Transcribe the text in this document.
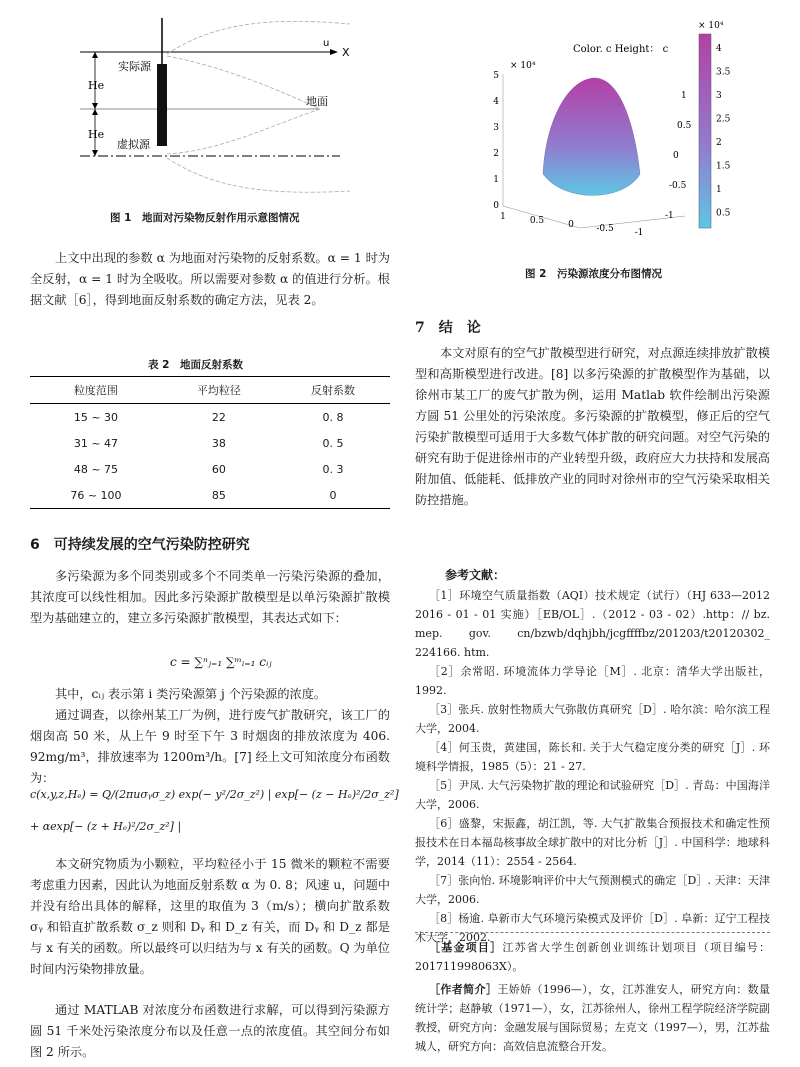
u
X
He
He
实际源
虚拟源
地面
图 1　地面对污染物反射作用示意图情况

上文中出现的参数 α 为地面对污染物的反射系数。α = 1 时为全反射，α = 1 时为全吸收。所以需要对参数 α 的值进行分析。根据文献［6］，得到地面反射系数的确定方法，见表 2。

表 2　地面反射系数
粒度范围	平均粒径	反射系数
15 ~ 30	22	0. 8
31 ~ 47	38	0. 5
48 ~ 75	60	0. 3
76 ~ 100	85	0
6　可持续发展的空气污染防控研究

多污染源为多个同类别或多个不同类单一污染污染源的叠加，其浓度可以线性相加。因此多污染源扩散模型是以单污染源扩散模型为基础建立的，建立多污染源扩散模型，其表达式如下：

c = ∑ⁿⱼ₌₁ ∑ᵐᵢ₌₁ cᵢⱼ

其中，cᵢⱼ 表示第 i 类污染源第 j 个污染源的浓度。

通过调查，以徐州某工厂为例，进行废气扩散研究，该工厂的烟囱高 50 米，从上午 9 时至下午 3 时烟囱的排放浓度为 406. 92mg/m³，排放速率为 1200m³/h。[7] 经上文可知浓度分布函数为：

c(x,y,z,Hₑ) = Q/(2πuσᵧσ_z) exp(− y²/2σ_z²) | exp[− (z − Hₑ)²/2σ_z²]
+ αexp[− (z + Hₑ)²/2σ_z²] |

本文研究物质为小颗粒，平均粒径小于 15 微米的颗粒不需要考虑重力因素，因此认为地面反射系数 α 为 0. 8；风速 u，问题中并没有给出具体的解释，这里的取值为 3（m/s）；横向扩散系数 σᵧ 和铅直扩散系数 σ_z 则和 Dᵧ 和 D_z 有关，而 Dᵧ 和 D_z 都是与 x 有关的函数。所以最终可以归结为与 x 有关的函数。Q 为单位时间内污染物排放量。

通过 MATLAB 对浓度分布函数进行求解，可以得到污染源方圆 51 千米处污染浓度分布以及任意一点的浓度值。其空间分布如图 2 所示。

Color. c Height： c
× 10⁴
× 10⁴
4
3.5
3
2.5
2
1.5
1
0.5
5
4
3
2
1
0
1	0.5	0 -0.5 -1
1
0.5
0
-0.5
-1
图 2　污染源浓度分布图情况
7　结　论

本文对原有的空气扩散模型进行研究，对点源连续排放扩散模型和高斯模型进行改进。[8] 以多污染源的扩散模型作为基础，以徐州市某工厂的废气扩散为例，运用 Matlab 软件绘制出污染源方圆 51 公里处的污染浓度。多污染源的扩散模型，修正后的空气污染扩散模型可适用于大多数气体扩散的研究问题。对空气污染的研究有助于促进徐州市的产业转型升级，政府应大力扶持和发展高附加值、低能耗、低排放产业的同时对徐州市的空气污染采取相关防控措施。

参考文献：

［1］环境空气质量指数（AQI）技术规定（试行）（HJ 633—2012 2016 - 01 - 01 实施）［EB/OL］.（2012 - 03 - 02）.http：// bz. mep. gov. cn/bzwb/dqhjbh/jcgffffbz/201203/t20120302_ 224166. htm.

［2］余常昭. 环境流体力学导论［M］. 北京：清华大学出版社，1992.

［3］张兵. 放射性物质大气弥散仿真研究［D］. 哈尔滨：哈尔滨工程大学，2004.

［4］何玉贵，黄建国，陈长和. 关于大气稳定度分类的研究［J］. 环境科学情报，1985（5）：21 - 27.

［5］尹凤. 大气污染物扩散的理论和试验研究［D］. 青岛：中国海洋大学，2006.

［6］盛黎，宋振鑫，胡江凯，等. 大气扩散集合预报技术和确定性预报技术在日本福岛核事故全球扩散中的对比分析［J］. 中国科学：地球科学，2014（11）：2554 - 2564.

［7］张向怡. 环境影响评价中大气预测模式的确定［D］. 天津：天津大学，2006.

［8］杨逾. 阜新市大气环境污染模式及评价［D］. 阜新：辽宁工程技术大学，2002.

［基金项目］江苏省大学生创新创业训练计划项目（项目编号：201711998063X）。

［作者简介］王娇娇（1996—），女，江苏淮安人，研究方向：数量统计学；赵静敏（1971—），女，江苏徐州人，徐州工程学院经济学院副教授，研究方向：金融发展与国际贸易；左克文（1997—），男，江苏盐城人，研究方向：高效信息流整合开发。
